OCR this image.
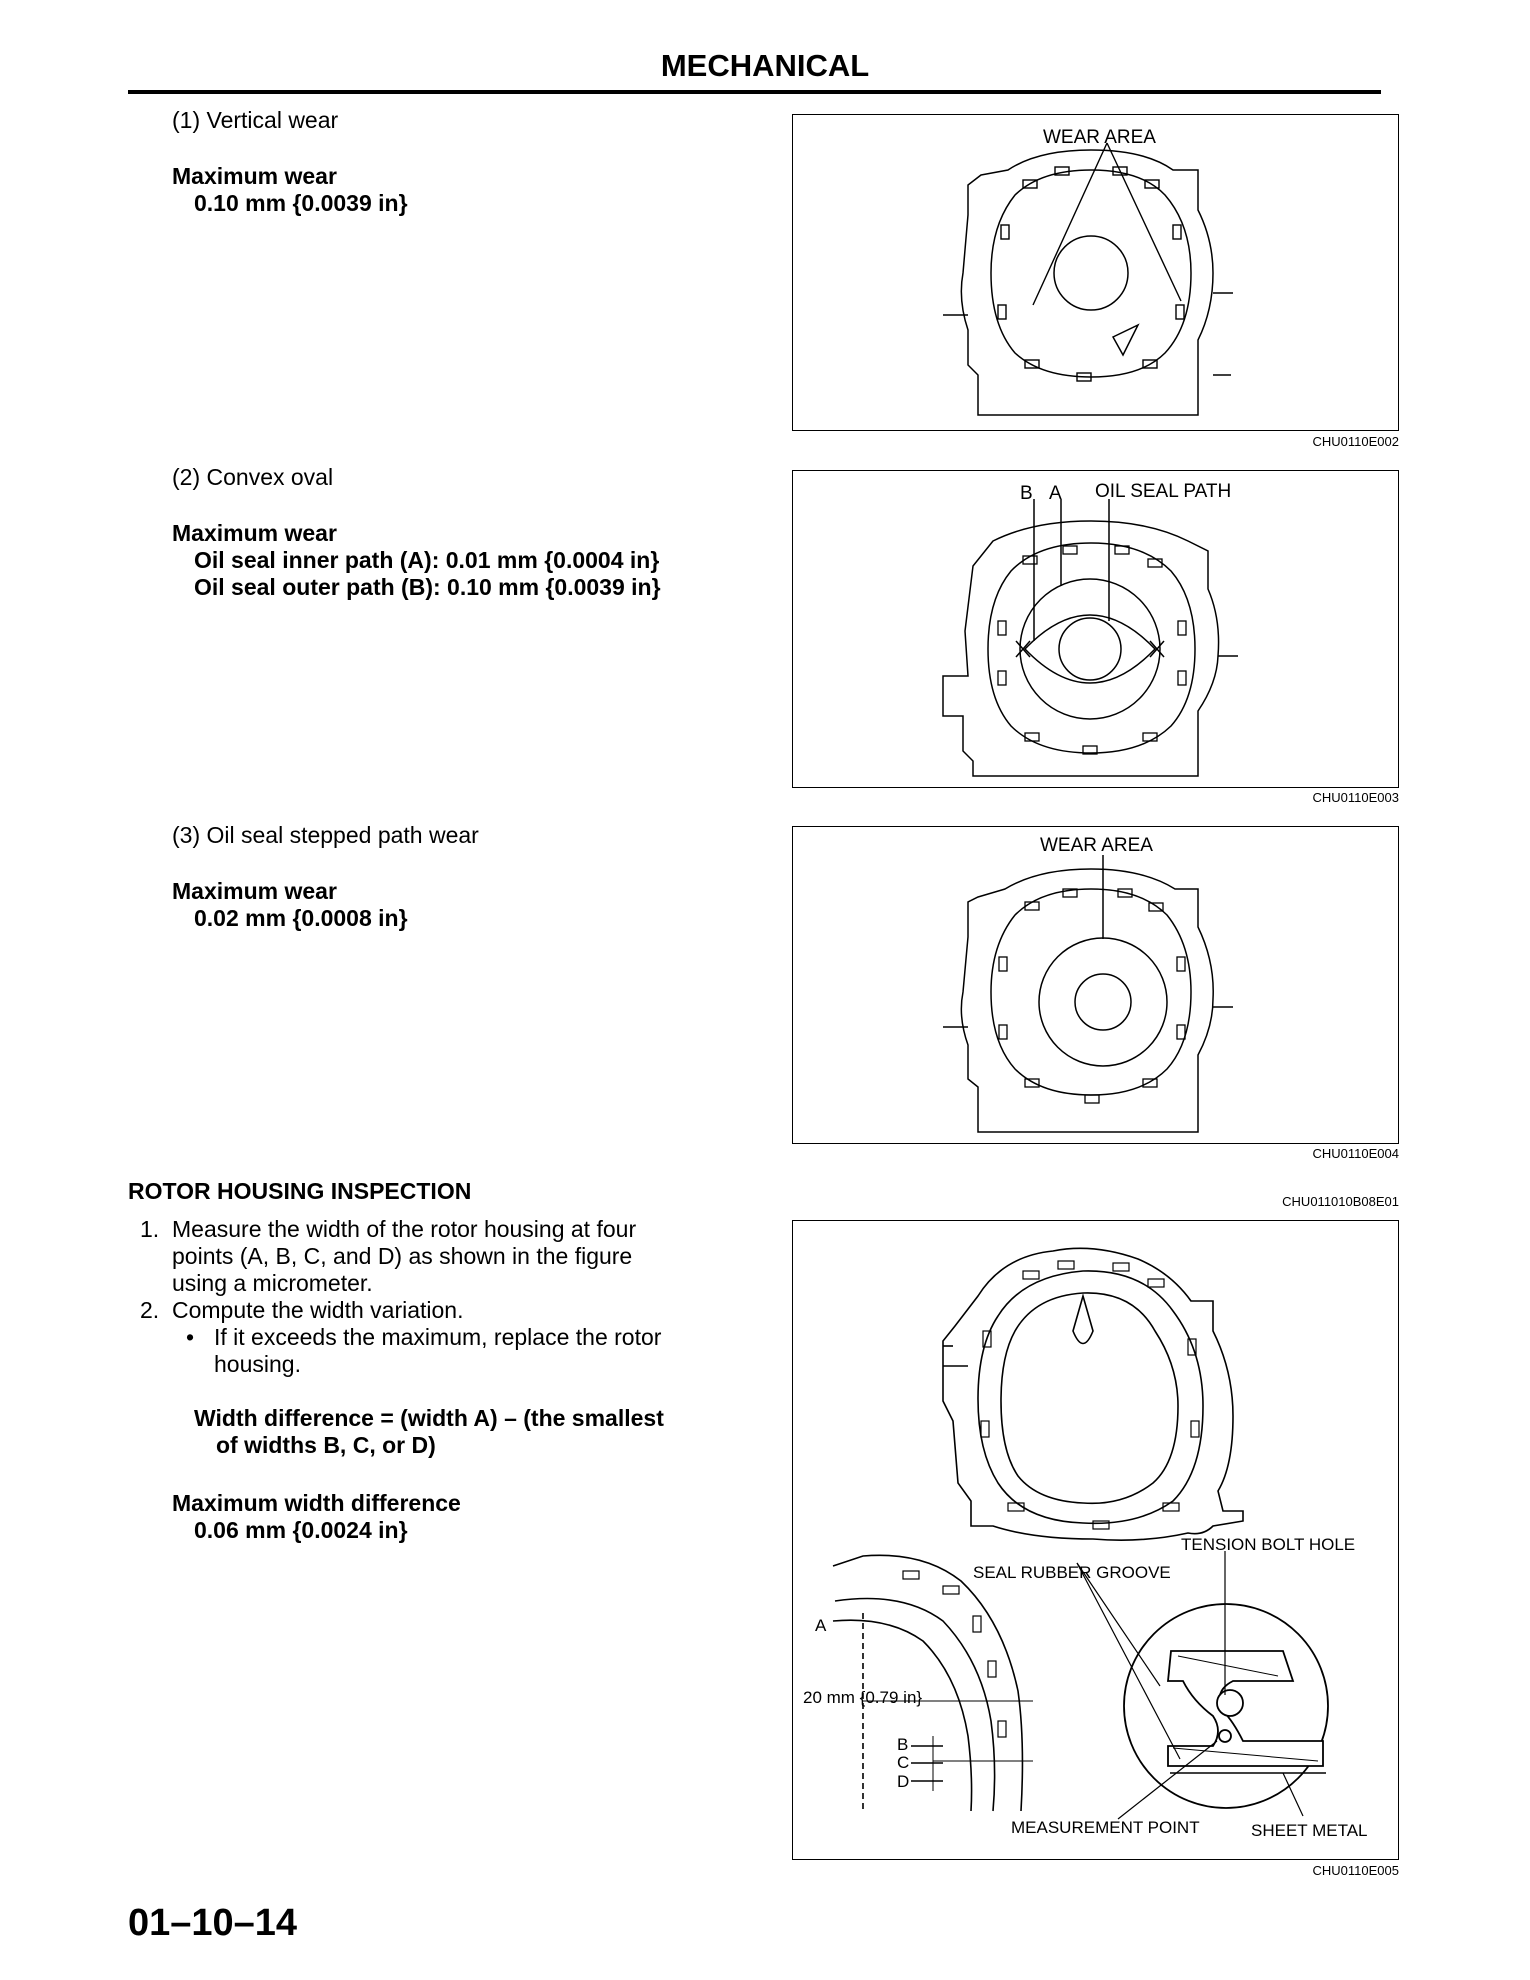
MECHANICAL
(1) Vertical wear
Maximum wear
0.10 mm {0.0039 in}
(2) Convex oval
Maximum wear
Oil seal inner path (A): 0.01 mm {0.0004 in}
Oil seal outer path (B): 0.10 mm {0.0039 in}
(3) Oil seal stepped path wear
Maximum wear
0.02 mm {0.0008 in}
WEAR AREA
CHU0110E002
B A OIL SEAL PATH
CHU0110E003
WEAR AREA
CHU0110E004
ROTOR HOUSING INSPECTION
1. Measure the width of the rotor housing at four
points (A, B, C, and D) as shown in the figure
using a micrometer.
2. Compute the width variation.
• If it exceeds the maximum, replace the rotor
housing.
Width difference = (width A) – (the smallest
of widths B, C, or D)
Maximum width difference
0.06 mm {0.0024 in}
CHU011010B08E01
TENSION BOLT HOLE
SEAL RUBBER GROOVE
A
20 mm {0.79 in}
B
C
D
MEASUREMENT POINT	SHEET METAL
CHU0110E005
01–10–14
